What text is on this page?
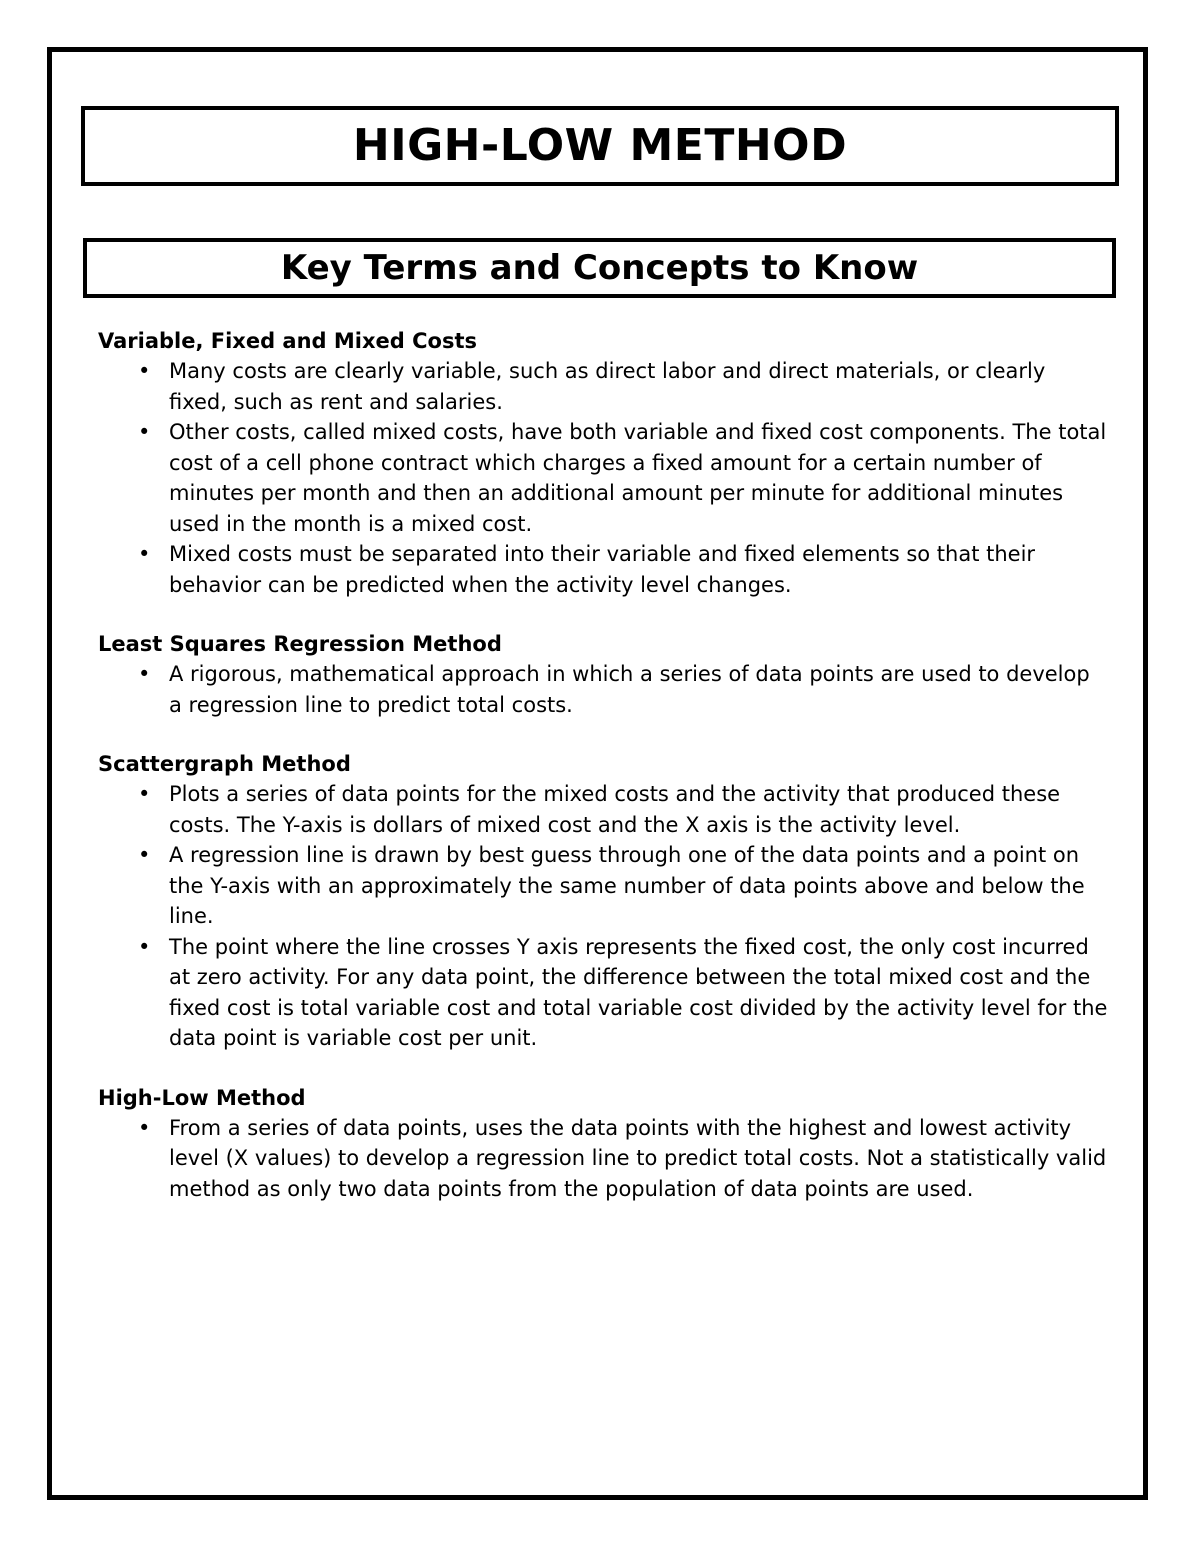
HIGH-LOW METHOD
Key Terms and Concepts to Know

Variable, Fixed and Mixed Costs

• Many costs are clearly variable, such as direct labor and direct materials, or clearly fixed, such as rent and salaries.
• Other costs, called mixed costs, have both variable and fixed cost components. The total cost of a cell phone contract which charges a fixed amount for a certain number of minutes per month and then an additional amount per minute for additional minutes used in the month is a mixed cost.
• Mixed costs must be separated into their variable and fixed elements so that their behavior can be predicted when the activity level changes.

Least Squares Regression Method

• A rigorous, mathematical approach in which a series of data points are used to develop a regression line to predict total costs.

Scattergraph Method

• Plots a series of data points for the mixed costs and the activity that produced these costs. The Y-axis is dollars of mixed cost and the X axis is the activity level.
• A regression line is drawn by best guess through one of the data points and a point on the Y-axis with an approximately the same number of data points above and below the line.
• The point where the line crosses Y axis represents the fixed cost, the only cost incurred at zero activity. For any data point, the difference between the total mixed cost and the fixed cost is total variable cost and total variable cost divided by the activity level for the data point is variable cost per unit.

High-Low Method

• From a series of data points, uses the data points with the highest and lowest activity level (X values) to develop a regression line to predict total costs. Not a statistically valid method as only two data points from the population of data points are used.
